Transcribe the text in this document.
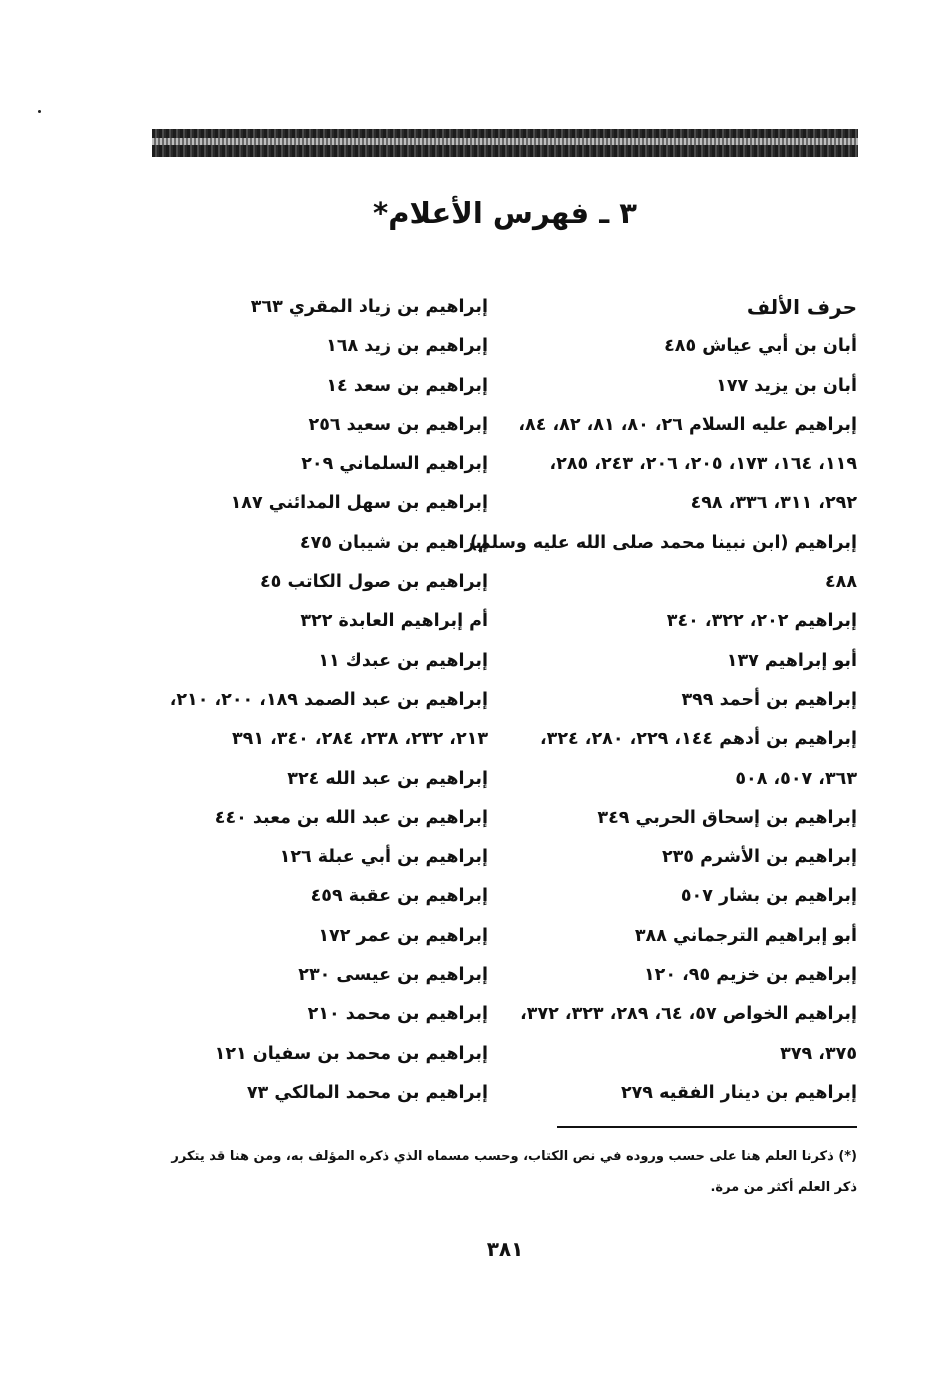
٣ ـ فهرس الأعلام*
حرف الألف
أبان بن أبي عياش ٤٨٥
أبان بن يزيد ١٧٧
إبراهيم عليه السلام ٢٦، ٨٠، ٨١، ٨٢، ٨٤،
١١٩، ١٦٤، ١٧٣، ٢٠٥، ٢٠٦، ٢٤٣، ٢٨٥،
٢٩٢، ٣١١، ٣٣٦، ٤٩٨
إبراهيم (ابن نبينا محمد صلى الله عليه وسلم)
٤٨٨
إبراهيم ٢٠٢، ٣٢٢، ٣٤٠
أبو إبراهيم ١٣٧
إبراهيم بن أحمد ٣٩٩
إبراهيم بن أدهم ١٤٤، ٢٢٩، ٢٨٠، ٣٢٤،
٣٦٣، ٥٠٧، ٥٠٨
إبراهيم بن إسحاق الحربي ٣٤٩
إبراهيم بن الأشرم ٢٣٥
إبراهيم بن بشار ٥٠٧
أبو إبراهيم الترجماني ٣٨٨
إبراهيم بن خزيم ٩٥، ١٢٠
إبراهيم الخواص ٥٧، ٦٤، ٢٨٩، ٣٢٣، ٣٧٢،
٣٧٥، ٣٧٩
إبراهيم بن دينار الفقيه ٢٧٩
إبراهيم بن زياد المقري ٣٦٣
إبراهيم بن زيد ١٦٨
إبراهيم بن سعد ١٤
إبراهيم بن سعيد ٢٥٦
إبراهيم السلماني ٢٠٩
إبراهيم بن سهل المدائني ١٨٧
إبراهيم بن شيبان ٤٧٥
إبراهيم بن صول الكاتب ٤٥
أم إبراهيم العابدة ٣٢٢
إبراهيم بن عبدك ١١
إبراهيم بن عبد الصمد ١٨٩، ٢٠٠، ٢١٠،
٢١٣، ٢٣٢، ٢٣٨، ٢٨٤، ٣٤٠، ٣٩١
إبراهيم بن عبد الله ٣٢٤
إبراهيم بن عبد الله بن معبد ٤٤٠
إبراهيم بن أبي عبلة ١٢٦
إبراهيم بن عقبة ٤٥٩
إبراهيم بن عمر ١٧٢
إبراهيم بن عيسى ٢٣٠
إبراهيم بن محمد ٢١٠
إبراهيم بن محمد بن سفيان ١٢١
إبراهيم بن محمد المالكي ٧٣
(*) ذكرنا العلم هنا على حسب وروده في نص الكتاب، وحسب مسماه الذي ذكره المؤلف به، ومن هنا قد يتكرر ذكر العلم أكثر من مرة.
٣٨١
